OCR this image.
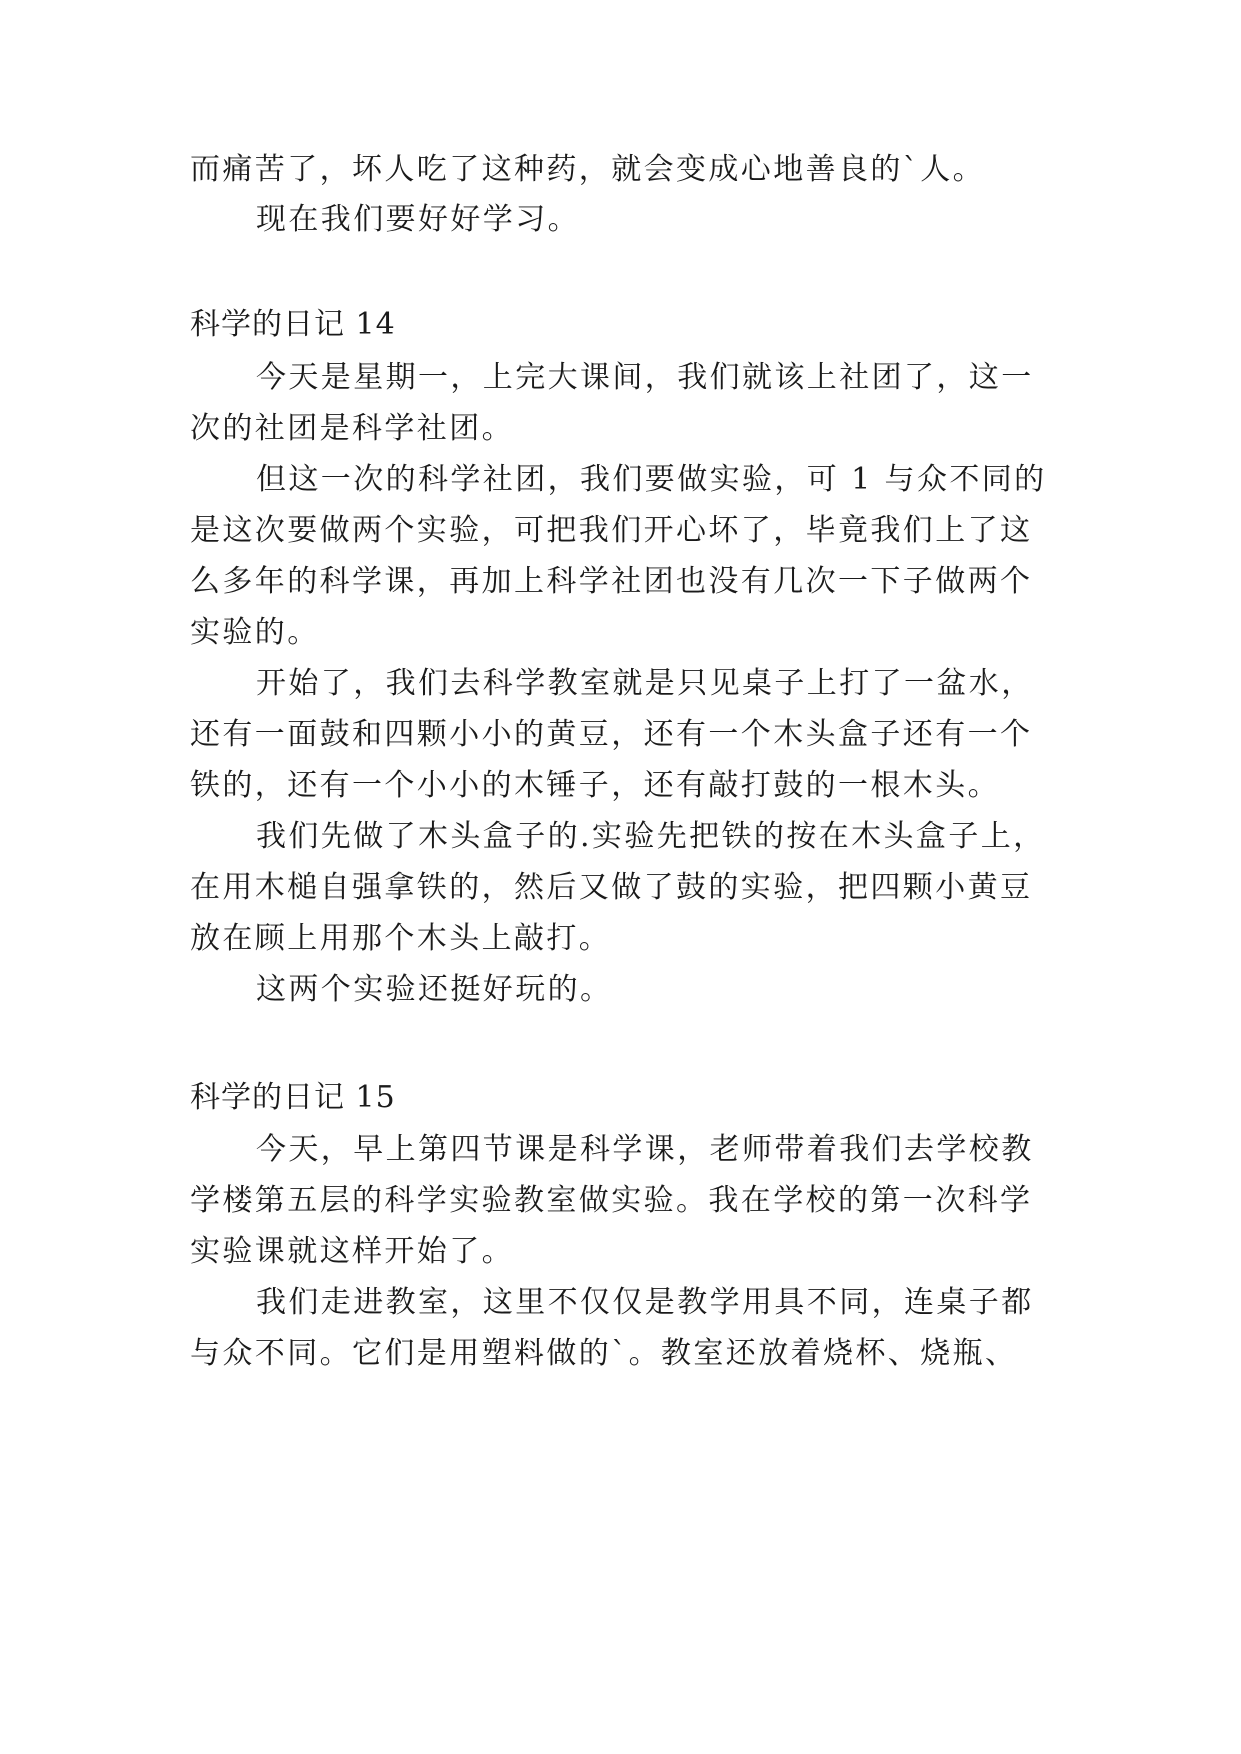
而痛苦了，坏人吃了这种药，就会变成心地善良的`人。
现在我们要好好学习。
科学的日记 14
今天是星期一，上完大课间，我们就该上社团了，这一
次的社团是科学社团。
但这一次的科学社团，我们要做实验，可 1 与众不同的
是这次要做两个实验，可把我们开心坏了，毕竟我们上了这
么多年的科学课，再加上科学社团也没有几次一下子做两个
实验的。
开始了，我们去科学教室就是只见桌子上打了一盆水，
还有一面鼓和四颗小小的黄豆，还有一个木头盒子还有一个
铁的，还有一个小小的木锤子，还有敲打鼓的一根木头。
我们先做了木头盒子的.实验先把铁的按在木头盒子上，
在用木槌自强拿铁的，然后又做了鼓的实验，把四颗小黄豆
放在顾上用那个木头上敲打。
这两个实验还挺好玩的。
科学的日记 15
今天，早上第四节课是科学课，老师带着我们去学校教
学楼第五层的科学实验教室做实验。我在学校的第一次科学
实验课就这样开始了。
我们走进教室，这里不仅仅是教学用具不同，连桌子都
与众不同。它们是用塑料做的`。教室还放着烧杯、烧瓶、
